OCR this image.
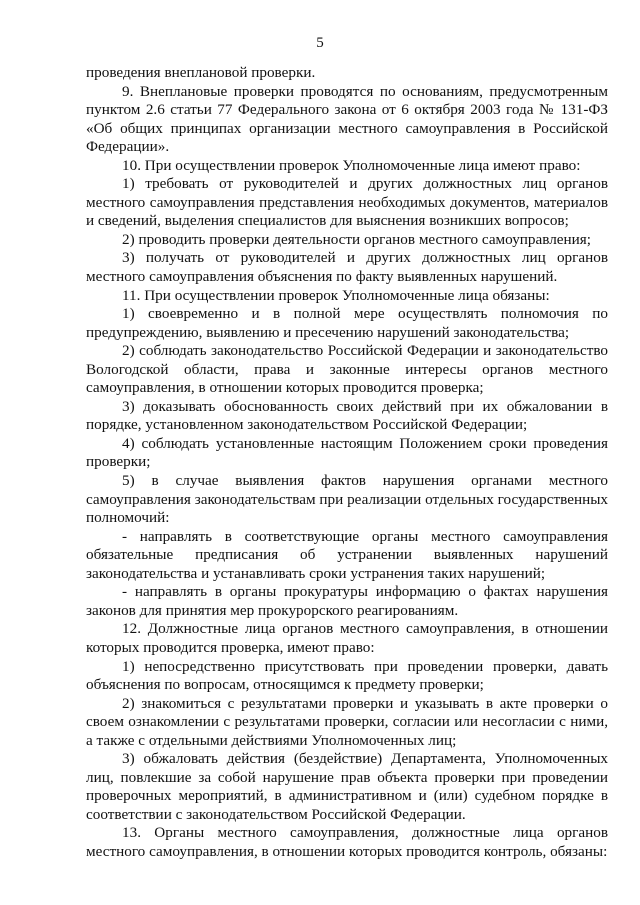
5

проведения внеплановой проверки.

9. Внеплановые проверки проводятся по основаниям, предусмотренным пунктом 2.6 статьи 77 Федерального закона от 6 октября 2003 года № 131-ФЗ «Об общих принципах организации местного самоуправления в Российской Федерации».

10. При осуществлении проверок Уполномоченные лица имеют право:

1) требовать от руководителей и других должностных лиц органов местного самоуправления представления необходимых документов, материалов и сведений, выделения специалистов для выяснения возникших вопросов;

2) проводить проверки деятельности органов местного самоуправления;

3) получать от руководителей и других должностных лиц органов местного самоуправления объяснения по факту выявленных нарушений.

11. При осуществлении проверок Уполномоченные лица обязаны:

1) своевременно и в полной мере осуществлять полномочия по предупреждению, выявлению и пресечению нарушений законодательства;

2) соблюдать законодательство Российской Федерации и законодательство Вологодской области, права и законные интересы органов местного самоуправления, в отношении которых проводится проверка;

3) доказывать обоснованность своих действий при их обжаловании в порядке, установленном законодательством Российской Федерации;

4) соблюдать установленные настоящим Положением сроки проведения проверки;

5) в случае выявления фактов нарушения органами местного самоуправления законодательствам при реализации отдельных государственных полномочий:

- направлять в соответствующие органы местного самоуправления обязательные предписания об устранении выявленных нарушений законодательства и устанавливать сроки устранения таких нарушений;

- направлять в органы прокуратуры информацию о фактах нарушения законов для принятия мер прокурорского реагированиям.

12. Должностные лица органов местного самоуправления, в отношении которых проводится проверка, имеют право:

1) непосредственно присутствовать при проведении проверки, давать объяснения по вопросам, относящимся к предмету проверки;

2) знакомиться с результатами проверки и указывать в акте проверки о своем ознакомлении с результатами проверки, согласии или несогласии с ними, а также с отдельными действиями Уполномоченных лиц;

3) обжаловать действия (бездействие) Департамента, Уполномоченных лиц, повлекшие за собой нарушение прав объекта проверки при проведении проверочных мероприятий, в административном и (или) судебном порядке в соответствии с законодательством Российской Федерации.

13. Органы местного самоуправления, должностные лица органов местного самоуправления, в отношении которых проводится контроль, обязаны:
